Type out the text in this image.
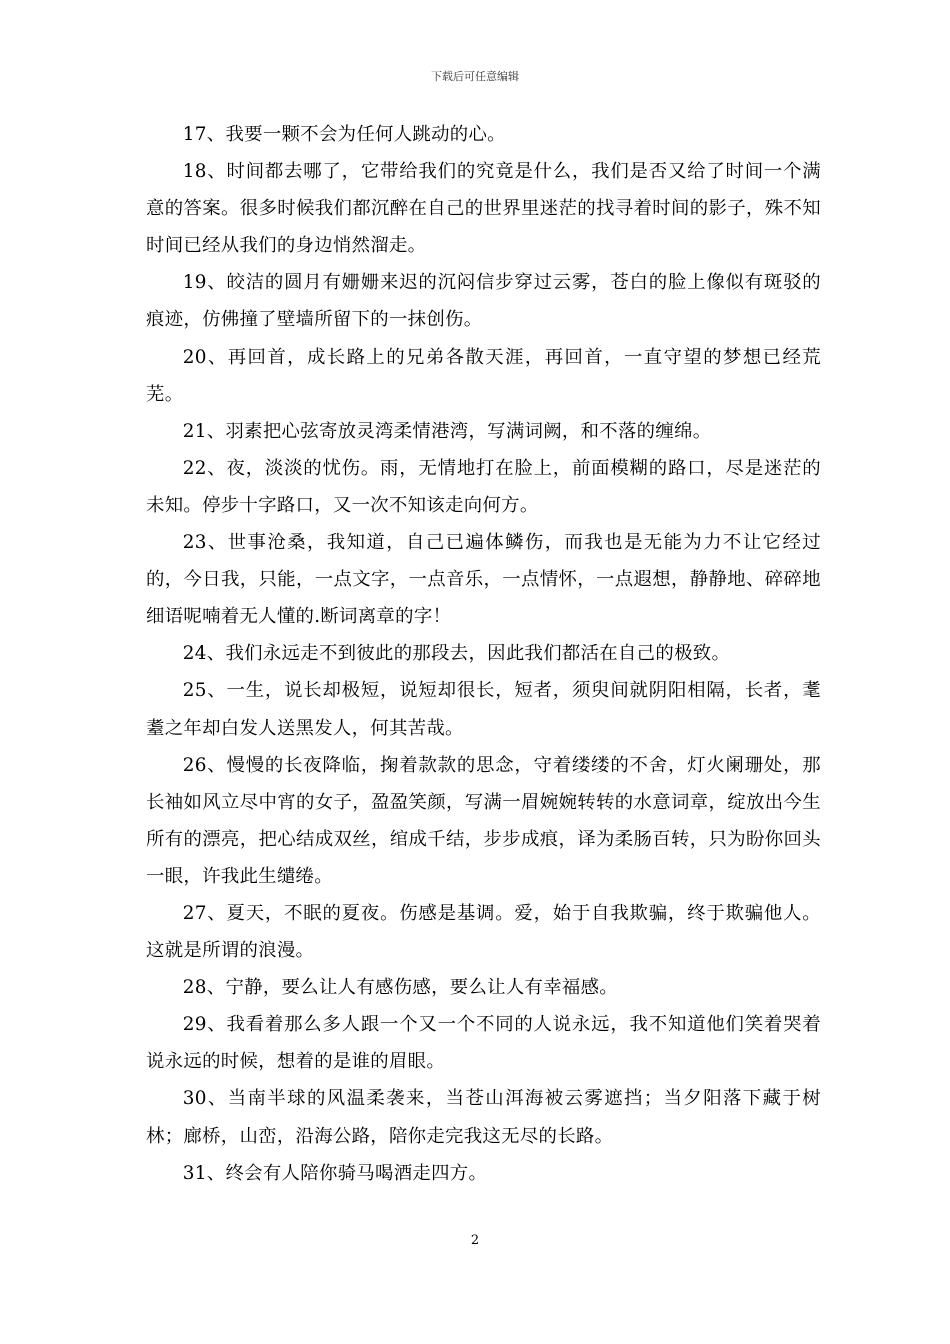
下载后可任意编辑

17、我要一颗不会为任何人跳动的心。

18、时间都去哪了，它带给我们的究竟是什么，我们是否又给了时间一个满意的答案。很多时候我们都沉醉在自己的世界里迷茫的找寻着时间的影子，殊不知时间已经从我们的身边悄然溜走。

19、皎洁的圆月有姗姗来迟的沉闷信步穿过云雾，苍白的脸上像似有斑驳的痕迹，仿佛撞了壁墙所留下的一抹创伤。

20、再回首，成长路上的兄弟各散天涯，再回首，一直守望的梦想已经荒芜。

21、羽素把心弦寄放灵湾柔情港湾，写满词阙，和不落的缠绵。

22、夜，淡淡的忧伤。雨，无情地打在脸上，前面模糊的路口，尽是迷茫的未知。停步十字路口，又一次不知该走向何方。

23、世事沧桑，我知道，自己已遍体鳞伤，而我也是无能为力不让它经过的，今日我，只能，一点文字，一点音乐，一点情怀，一点遐想，静静地、碎碎地细语呢喃着无人懂的.断词离章的字！

24、我们永远走不到彼此的那段去，因此我们都活在自己的极致。

25、一生，说长却极短，说短却很长，短者，须臾间就阴阳相隔，长者，耄耋之年却白发人送黑发人，何其苦哉。

26、慢慢的长夜降临，掬着款款的思念，守着缕缕的不舍，灯火阑珊处，那长袖如风立尽中宵的女子，盈盈笑颜，写满一眉婉婉转转的水意词章，绽放出今生所有的漂亮，把心结成双丝，绾成千结，步步成痕，译为柔肠百转，只为盼你回头一眼，许我此生缱绻。

27、夏天，不眠的夏夜。伤感是基调。爱，始于自我欺骗，终于欺骗他人。这就是所谓的浪漫。

28、宁静，要么让人有感伤感，要么让人有幸福感。

29、我看着那么多人跟一个又一个不同的人说永远，我不知道他们笑着哭着说永远的时候，想着的是谁的眉眼。

30、当南半球的风温柔袭来，当苍山洱海被云雾遮挡；当夕阳落下藏于树林；廊桥，山峦，沿海公路，陪你走完我这无尽的长路。

31、终会有人陪你骑马喝酒走四方。

2
